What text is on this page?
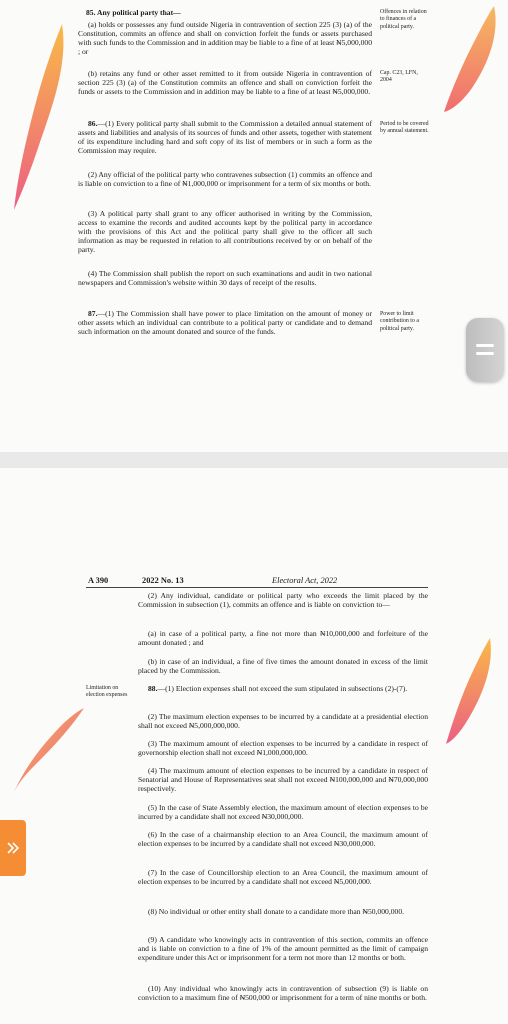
85. Any political party that—
(a) holds or possesses any fund outside Nigeria in contravention of section 225 (3) (a) of the Constitution, commits an offence and shall on conviction forfeit the funds or assets purchased with such funds to the Commission and in addition may be liable to a fine of at least ₦5,000,000 ; or
(b) retains any fund or other asset remitted to it from outside Nigeria in contravention of section 225 (3) (a) of the Constitution commits an offence and shall on conviction forfeit the funds or assets to the Commission and in addition may be liable to a fine of at least ₦5,000,000.
86.—(1) Every political party shall submit to the Commission a detailed annual statement of assets and liabilities and analysis of its sources of funds and other assets, together with statement of its expenditure including hard and soft copy of its list of members or in such a form as the Commission may require.
(2) Any official of the political party who contravenes subsection (1) commits an offence and is liable on conviction to a fine of ₦1,000,000 or imprisonment for a term of six months or both.
(3) A political party shall grant to any officer authorised in writing by the Commission, access to examine the records and audited accounts kept by the political party in accordance with the provisions of this Act and the political party shall give to the officer all such information as may be requested in relation to all contributions received by or on behalf of the party.
(4) The Commission shall publish the report on such examinations and audit in two national newspapers and Commission's website within 30 days of receipt of the results.
87.—(1) The Commission shall have power to place limitation on the amount of money or other assets which an individual can contribute to a political party or candidate and to demand such information on the amount donated and source of the funds.
Offences in relation to finances of a political party.
Cap. C23, LFN, 2004
Period to be covered by annual statement.
Power to limit contribution to a political party.
A 390	2022 No. 13	Electoral Act, 2022
(2) Any individual, candidate or political party who exceeds the limit placed by the Commission in subsection (1), commits an offence and is liable on conviction to—
(a) in case of a political party, a fine not more than ₦10,000,000 and forfeiture of the amount donated ; and
(b) in case of an individual, a fine of five times the amount donated in excess of the limit placed by the Commission.
Limitation on election expenses
88.—(1) Election expenses shall not exceed the sum stipulated in subsections (2)-(7).
(2) The maximum election expenses to be incurred by a candidate at a presidential election shall not exceed ₦5,000,000,000.
(3) The maximum amount of election expenses to be incurred by a candidate in respect of governorship election shall not exceed ₦1,000,000,000.
(4) The maximum amount of election expenses to be incurred by a candidate in respect of Senatorial and House of Representatives seat shall not exceed ₦100,000,000 and ₦70,000,000 respectively.
(5) In the case of State Assembly election, the maximum amount of election expenses to be incurred by a candidate shall not exceed ₦30,000,000.
(6) In the case of a chairmanship election to an Area Council, the maximum amount of election expenses to be incurred by a candidate shall not exceed ₦30,000,000.
(7) In the case of Councillorship election to an Area Council, the maximum amount of election expenses to be incurred by a candidate shall not exceed ₦5,000,000.
(8) No individual or other entity shall donate to a candidate more than ₦50,000,000.
(9) A candidate who knowingly acts in contravention of this section, commits an offence and is liable on conviction to a fine of 1% of the amount permitted as the limit of campaign expenditure under this Act or imprisonment for a term not more than 12 months or both.
(10) Any individual who knowingly acts in contravention of subsection (9) is liable on conviction to a maximum fine of ₦500,000 or imprisonment for a term of nine months or both.
